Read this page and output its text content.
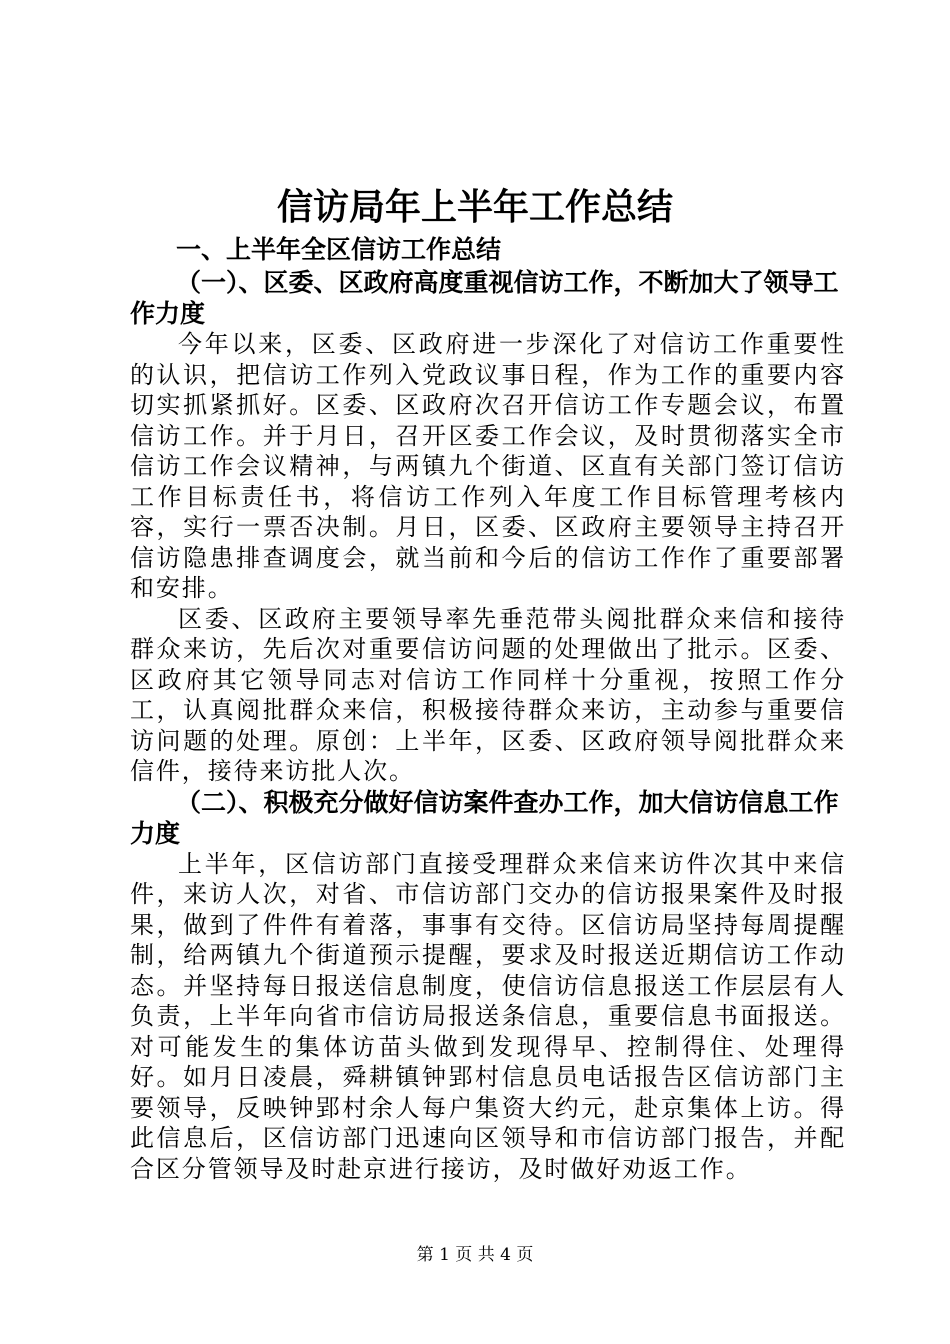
信访局年上半年工作总结
一、上半年全区信访工作总结
（一）、区委、区政府高度重视信访工作，不断加大了领导工作力度

今年以来，区委、区政府进一步深化了对信访工作重要性的认识，把信访工作列入党政议事日程，作为工作的重要内容切实抓紧抓好。区委、区政府次召开信访工作专题会议，布置信访工作。并于月日，召开区委工作会议，及时贯彻落实全市信访工作会议精神，与两镇九个街道、区直有关部门签订信访工作目标责任书，将信访工作列入年度工作目标管理考核内容，实行一票否决制。月日，区委、区政府主要领导主持召开信访隐患排查调度会，就当前和今后的信访工作作了重要部署和安排。

区委、区政府主要领导率先垂范带头阅批群众来信和接待群众来访，先后次对重要信访问题的处理做出了批示。区委、区政府其它领导同志对信访工作同样十分重视，按照工作分工，认真阅批群众来信，积极接待群众来访，主动参与重要信访问题的处理。原创：上半年，区委、区政府领导阅批群众来信件，接待来访批人次。

（二）、积极充分做好信访案件查办工作，加大信访信息工作力度

上半年，区信访部门直接受理群众来信来访件次其中来信件，来访人次，对省、市信访部门交办的信访报果案件及时报果，做到了件件有着落，事事有交待。区信访局坚持每周提醒制，给两镇九个街道预示提醒，要求及时报送近期信访工作动态。并坚持每日报送信息制度，使信访信息报送工作层层有人负责，上半年向省市信访局报送条信息，重要信息书面报送。对可能发生的集体访苗头做到发现得早、控制得住、处理得好。如月日凌晨，舜耕镇钟郢村信息员电话报告区信访部门主要领导，反映钟郢村余人每户集资大约元，赴京集体上访。得此信息后，区信访部门迅速向区领导和市信访部门报告，并配合区分管领导及时赴京进行接访，及时做好劝返工作。

第 1 页 共 4 页
